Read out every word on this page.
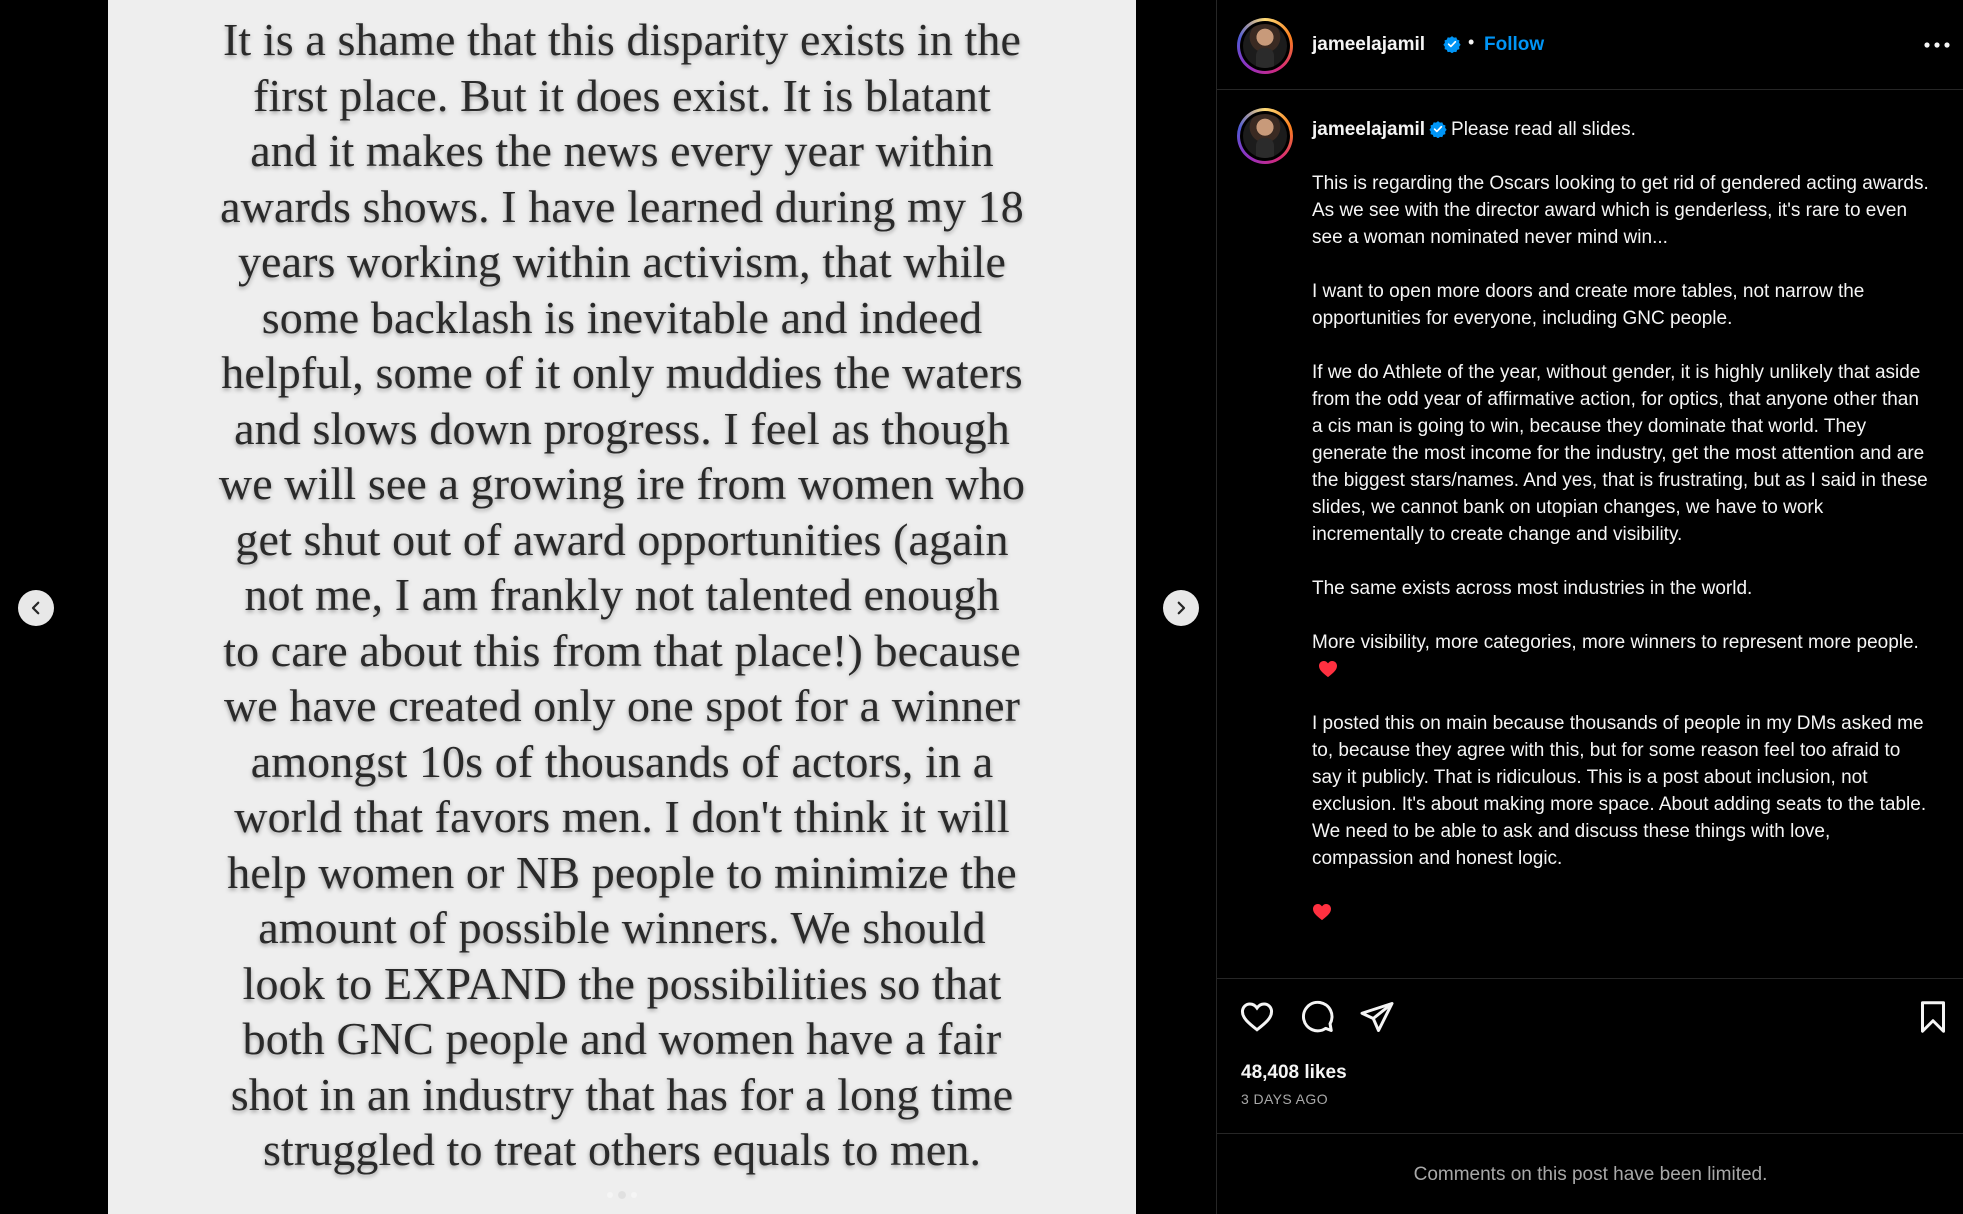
It is a shame that this disparity exists in the
first place. But it does exist. It is blatant
and it makes the news every year within
awards shows. I have learned during my 18
years working within activism, that while
some backlash is inevitable and indeed
helpful, some of it only muddies the waters
and slows down progress. I feel as though
we will see a growing ire from women who
get shut out of award opportunities (again
not me, I am frankly not talented enough
to care about this from that place!) because
we have created only one spot for a winner
amongst 10s of thousands of actors, in a
world that favors men. I don't think it will
help women or NB people to minimize the
amount of possible winners. We should
look to EXPAND the possibilities so that
both GNC people and women have a fair
shot in an industry that has for a long time
struggled to treat others equals to men.
jameelajamil • Follow

jameelajamil Please read all slides.

This is regarding the Oscars looking to get rid of gendered acting awards. As we see with the director award which is genderless, it's rare to even see a woman nominated never mind win...

I want to open more doors and create more tables, not narrow the opportunities for everyone, including GNC people.

If we do Athlete of the year, without gender, it is highly unlikely that aside from the odd year of affirmative action, for optics, that anyone other than a cis man is going to win, because they dominate that world. They generate the most income for the industry, get the most attention and are the biggest stars/names. And yes, that is frustrating, but as I said in these slides, we cannot bank on utopian changes, we have to work incrementally to create change and visibility.

The same exists across most industries in the world.

More visibility, more categories, more winners to represent more people.

I posted this on main because thousands of people in my DMs asked me to, because they agree with this, but for some reason feel too afraid to say it publicly. That is ridiculous. This is a post about inclusion, not exclusion. It's about making more space. About adding seats to the table. We need to be able to ask and discuss these things with love, compassion and honest logic.

48,408 likes
3 DAYS AGO
Comments on this post have been limited.
